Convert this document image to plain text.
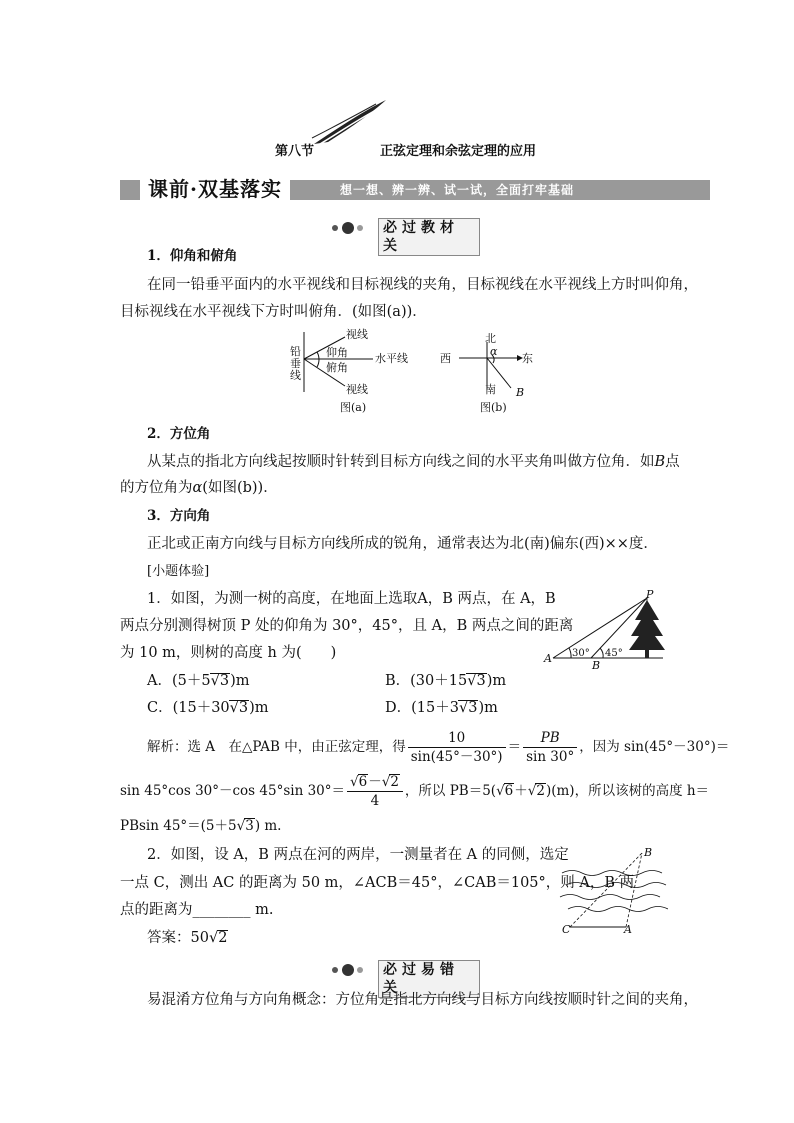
第八节	正弦定理和余弦定理的应用
课前·双基落实	想一想、辨一辨、试一试，全面打牢基础
必过教材关
1．仰角和俯角
在同一铅垂平面内的水平视线和目标视线的夹角，目标视线在水平视线上方时叫仰角，
目标视线在水平视线下方时叫俯角．(如图(a))．
视线
仰角 水平线
俯角
视线
铅
垂
线
图(a)
北
α
西	东
南 B
图(b)
2．方位角
从某点的指北方向线起按顺时针转到目标方向线之间的水平夹角叫做方位角．如B点
的方位角为α(如图(b))．
3．方向角
正北或正南方向线与目标方向线所成的锐角，通常表达为北(南)偏东(西)××度．
[小题体验]
1．如图，为测一树的高度，在地面上选取A，B 两点，在 A，B
两点分别测得树顶 P 处的仰角为 30°，45°，且 A，B 两点之间的距离
为 10 m，则树的高度 h 为(　　)
P
A
B
30° 45°
A．(5＋5√3)m	B．(30＋15√3)m
C．(15＋30√3)m	D．(15＋3√3)m
解析：选 A　在△PAB 中，由正弦定理，得 $\frac{10}{\sin(45^\circ-30^\circ)} = \frac{PB}{\sin 30^\circ}$ ，因为 sin(45°－30°)＝
sin 45°cos 30°－cos 45°sin $30^\circ= \frac{√6-√2}{4}$ ，所以 PB＝5(√6＋√2)(m)，所以该树的高度 h＝
PBsin 45°＝(5＋5√3) m.
2．如图，设 A，B 两点在河的两岸，一测量者在 A 的同侧，选定
一点 C，测出 AC 的距离为 50 m，∠ACB＝45°，∠CAB＝105°，则 A，B 两
点的距离为________ m.
答案：50√2
B
C	A
必过易错关
易混淆方位角与方向角概念：方位角是指北方向线与目标方向线按顺时针之间的夹角，
